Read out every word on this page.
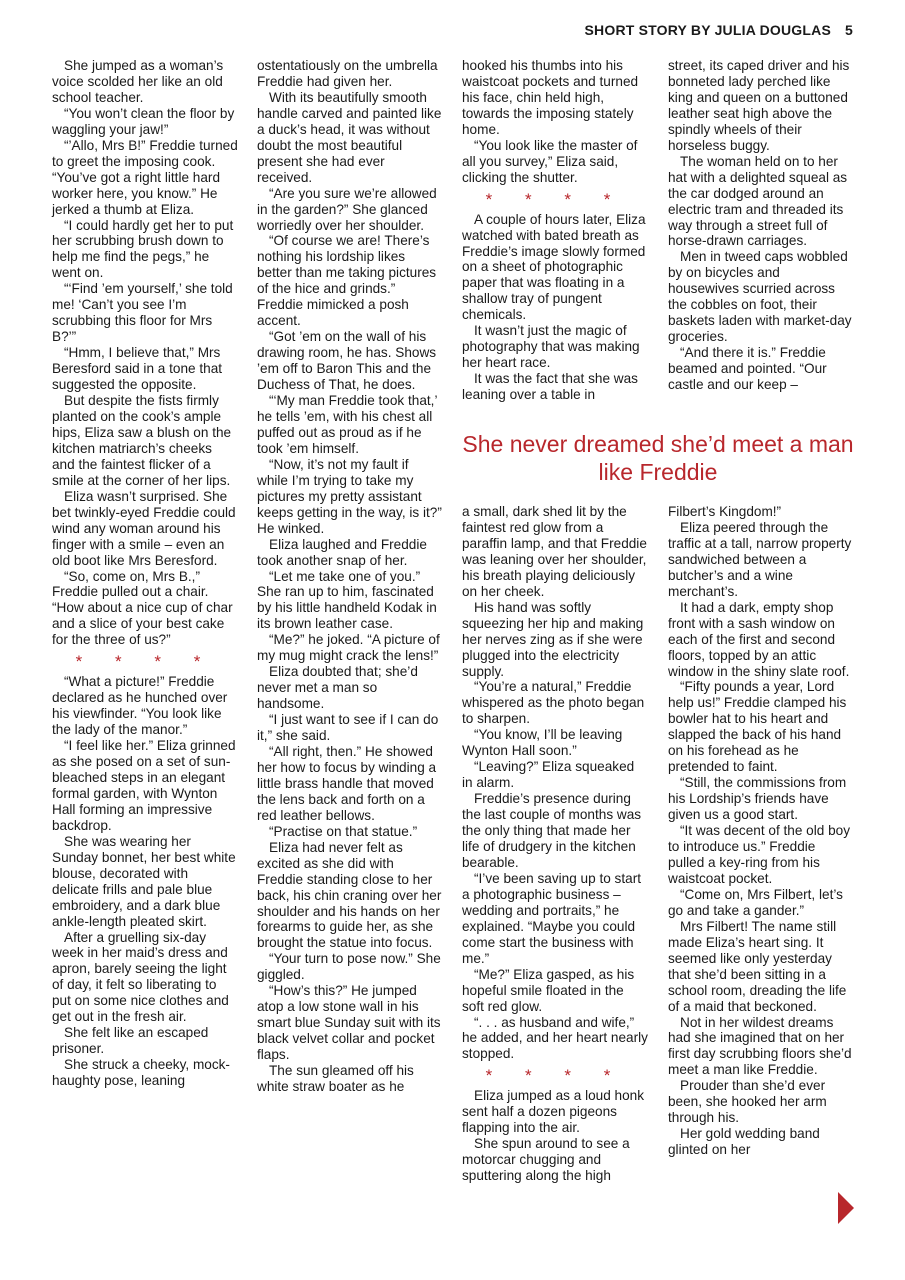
SHORT STORY BY JULIA DOUGLAS 5

She jumped as a woman’s voice scolded her like an old school teacher.

“You won’t clean the floor by waggling your jaw!”

“’Allo, Mrs B!” Freddie turned to greet the imposing cook. “You’ve got a right little hard worker here, you know.” He jerked a thumb at Eliza.

“I could hardly get her to put her scrubbing brush down to help me find the pegs,” he went on.

“‘Find ’em yourself,’ she told me! ‘Can’t you see I’m scrubbing this floor for Mrs B?’”

“Hmm, I believe that,” Mrs Beresford said in a tone that suggested the opposite.

But despite the fists firmly planted on the cook’s ample hips, Eliza saw a blush on the kitchen matriarch’s cheeks and the faintest flicker of a smile at the corner of her lips.

Eliza wasn’t surprised. She bet twinkly-eyed Freddie could wind any woman around his finger with a smile – even an old boot like Mrs Beresford.

“So, come on, Mrs B.,” Freddie pulled out a chair. “How about a nice cup of char and a slice of your best cake for the three of us?”

* * * *

“What a picture!” Freddie declared as he hunched over his viewfinder. “You look like the lady of the manor.”

“I feel like her.” Eliza grinned as she posed on a set of sun-bleached steps in an elegant formal garden, with Wynton Hall forming an impressive backdrop.

She was wearing her Sunday bonnet, her best white blouse, decorated with delicate frills and pale blue embroidery, and a dark blue ankle-length pleated skirt.

After a gruelling six-day week in her maid’s dress and apron, barely seeing the light of day, it felt so liberating to put on some nice clothes and get out in the fresh air.

She felt like an escaped prisoner.

She struck a cheeky, mock-haughty pose, leaning

ostentatiously on the umbrella Freddie had given her.

With its beautifully smooth handle carved and painted like a duck’s head, it was without doubt the most beautiful present she had ever received.

“Are you sure we’re allowed in the garden?” She glanced worriedly over her shoulder.

“Of course we are! There’s nothing his lordship likes better than me taking pictures of the hice and grinds.” Freddie mimicked a posh accent.

“Got ’em on the wall of his drawing room, he has. Shows ’em off to Baron This and the Duchess of That, he does.

“‘My man Freddie took that,’ he tells ’em, with his chest all puffed out as proud as if he took ’em himself.

“Now, it’s not my fault if while I’m trying to take my pictures my pretty assistant keeps getting in the way, is it?” He winked.

Eliza laughed and Freddie took another snap of her.

“Let me take one of you.” She ran up to him, fascinated by his little handheld Kodak in its brown leather case.

“Me?” he joked. “A picture of my mug might crack the lens!”

Eliza doubted that; she’d never met a man so handsome.

“I just want to see if I can do it,” she said.

“All right, then.” He showed her how to focus by winding a little brass handle that moved the lens back and forth on a red leather bellows.

“Practise on that statue.”

Eliza had never felt as excited as she did with Freddie standing close to her back, his chin craning over her shoulder and his hands on her forearms to guide her, as she brought the statue into focus.

“Your turn to pose now.” She giggled.

“How’s this?” He jumped atop a low stone wall in his smart blue Sunday suit with its black velvet collar and pocket flaps.

The sun gleamed off his white straw boater as he

hooked his thumbs into his waistcoat pockets and turned his face, chin held high, towards the imposing stately home.

“You look like the master of all you survey,” Eliza said, clicking the shutter.

* * * *

A couple of hours later, Eliza watched with bated breath as Freddie’s image slowly formed on a sheet of photographic paper that was floating in a shallow tray of pungent chemicals.

It wasn’t just the magic of photography that was making her heart race.

It was the fact that she was leaning over a table in

street, its caped driver and his bonneted lady perched like king and queen on a buttoned leather seat high above the spindly wheels of their horseless buggy.

The woman held on to her hat with a delighted squeal as the car dodged around an electric tram and threaded its way through a street full of horse-drawn carriages.

Men in tweed caps wobbled by on bicycles and housewives scurried across the cobbles on foot, their baskets laden with market-day groceries.

“And there it is.” Freddie beamed and pointed. “Our castle and our keep –

She never dreamed she’d meet a man like Freddie

a small, dark shed lit by the faintest red glow from a paraffin lamp, and that Freddie was leaning over her shoulder, his breath playing deliciously on her cheek.

His hand was softly squeezing her hip and making her nerves zing as if she were plugged into the electricity supply.

“You’re a natural,” Freddie whispered as the photo began to sharpen.

“You know, I’ll be leaving Wynton Hall soon.”

“Leaving?” Eliza squeaked in alarm.

Freddie’s presence during the last couple of months was the only thing that made her life of drudgery in the kitchen bearable.

“I’ve been saving up to start a photographic business – wedding and portraits,” he explained. “Maybe you could come start the business with me.”

“Me?” Eliza gasped, as his hopeful smile floated in the soft red glow.

“. . . as husband and wife,” he added, and her heart nearly stopped.

* * * *

Eliza jumped as a loud honk sent half a dozen pigeons flapping into the air.

She spun around to see a motorcar chugging and sputtering along the high

Filbert’s Kingdom!”

Eliza peered through the traffic at a tall, narrow property sandwiched between a butcher’s and a wine merchant’s.

It had a dark, empty shop front with a sash window on each of the first and second floors, topped by an attic window in the shiny slate roof.

“Fifty pounds a year, Lord help us!” Freddie clamped his bowler hat to his heart and slapped the back of his hand on his forehead as he pretended to faint.

“Still, the commissions from his Lordship’s friends have given us a good start.

“It was decent of the old boy to introduce us.” Freddie pulled a key-ring from his waistcoat pocket.

“Come on, Mrs Filbert, let’s go and take a gander.”

Mrs Filbert! The name still made Eliza’s heart sing. It seemed like only yesterday that she’d been sitting in a school room, dreading the life of a maid that beckoned.

Not in her wildest dreams had she imagined that on her first day scrubbing floors she’d meet a man like Freddie.

Prouder than she’d ever been, she hooked her arm through his.

Her gold wedding band glinted on her
